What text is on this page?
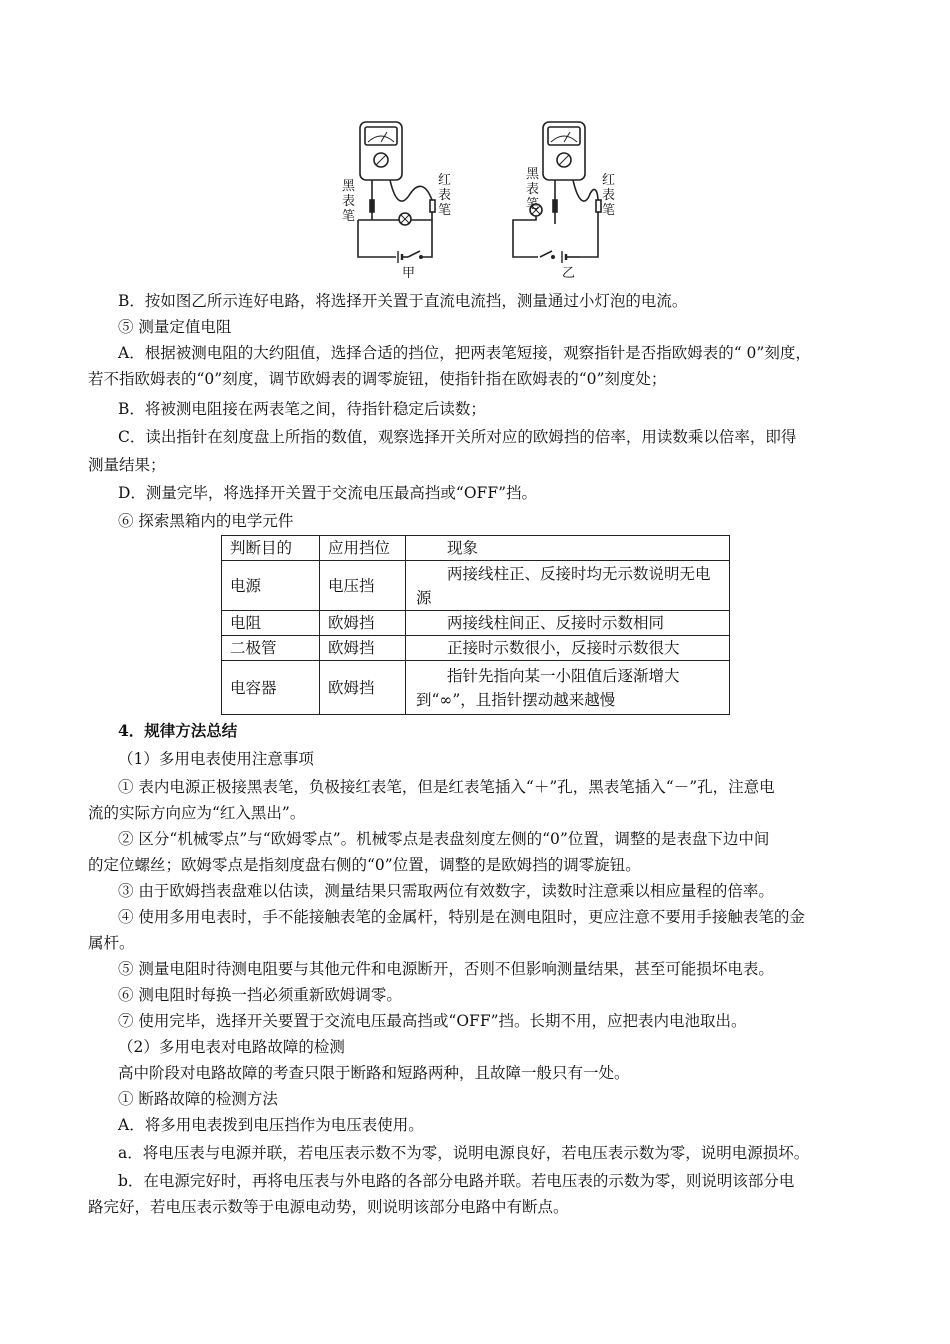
黑
表
笔
红
表
笔
甲
黑
表
笔
红
表
笔
乙
B．按如图乙所示连好电路，将选择开关置于直流电流挡，测量通过小灯泡的电流。
⑤ 测量定值电阻
A．根据被测电阻的大约阻值，选择合适的挡位，把两表笔短接，观察指针是否指欧姆表的“ 0”刻度，
若不指欧姆表的“0”刻度，调节欧姆表的调零旋钮，使指针指在欧姆表的“0”刻度处；
B．将被测电阻接在两表笔之间，待指针稳定后读数；
C．读出指针在刻度盘上所指的数值，观察选择开关所对应的欧姆挡的倍率，用读数乘以倍率，即得
测量结果；
D．测量完毕，将选择开关置于交流电压最高挡或“OFF”挡。
⑥ 探索黑箱内的电学元件
判断目的	应用挡位	现象
电源	电压挡	两接线柱正、反接时均无示数说明无电源

电阻	欧姆挡	两接线柱间正、反接时示数相同
二极管	欧姆挡	正接时示数很小，反接时示数很大
电容器	欧姆挡	指针先指向某一小阻值后逐渐增大到“∞”，且指针摆动越来越慢
4．规律方法总结
（1）多用电表使用注意事项
① 表内电源正极接黑表笔，负极接红表笔，但是红表笔插入“＋”孔，黑表笔插入“－”孔，注意电
流的实际方向应为“红入黑出”。
② 区分“机械零点”与“欧姆零点”。机械零点是表盘刻度左侧的“0”位置，调整的是表盘下边中间
的定位螺丝；欧姆零点是指刻度盘右侧的“0”位置，调整的是欧姆挡的调零旋钮。
③ 由于欧姆挡表盘难以估读，测量结果只需取两位有效数字，读数时注意乘以相应量程的倍率。
④ 使用多用电表时，手不能接触表笔的金属杆，特别是在测电阻时，更应注意不要用手接触表笔的金
属杆。
⑤ 测量电阻时待测电阻要与其他元件和电源断开，否则不但影响测量结果，甚至可能损坏电表。
⑥ 测电阻时每换一挡必须重新欧姆调零。
⑦ 使用完毕，选择开关要置于交流电压最高挡或“OFF”挡。长期不用，应把表内电池取出。
（2）多用电表对电路故障的检测
高中阶段对电路故障的考查只限于断路和短路两种，且故障一般只有一处。
① 断路故障的检测方法
A．将多用电表拨到电压挡作为电压表使用。
a．将电压表与电源并联，若电压表示数不为零，说明电源良好，若电压表示数为零，说明电源损坏。
b．在电源完好时，再将电压表与外电路的各部分电路并联。若电压表的示数为零，则说明该部分电
路完好，若电压表示数等于电源电动势，则说明该部分电路中有断点。
